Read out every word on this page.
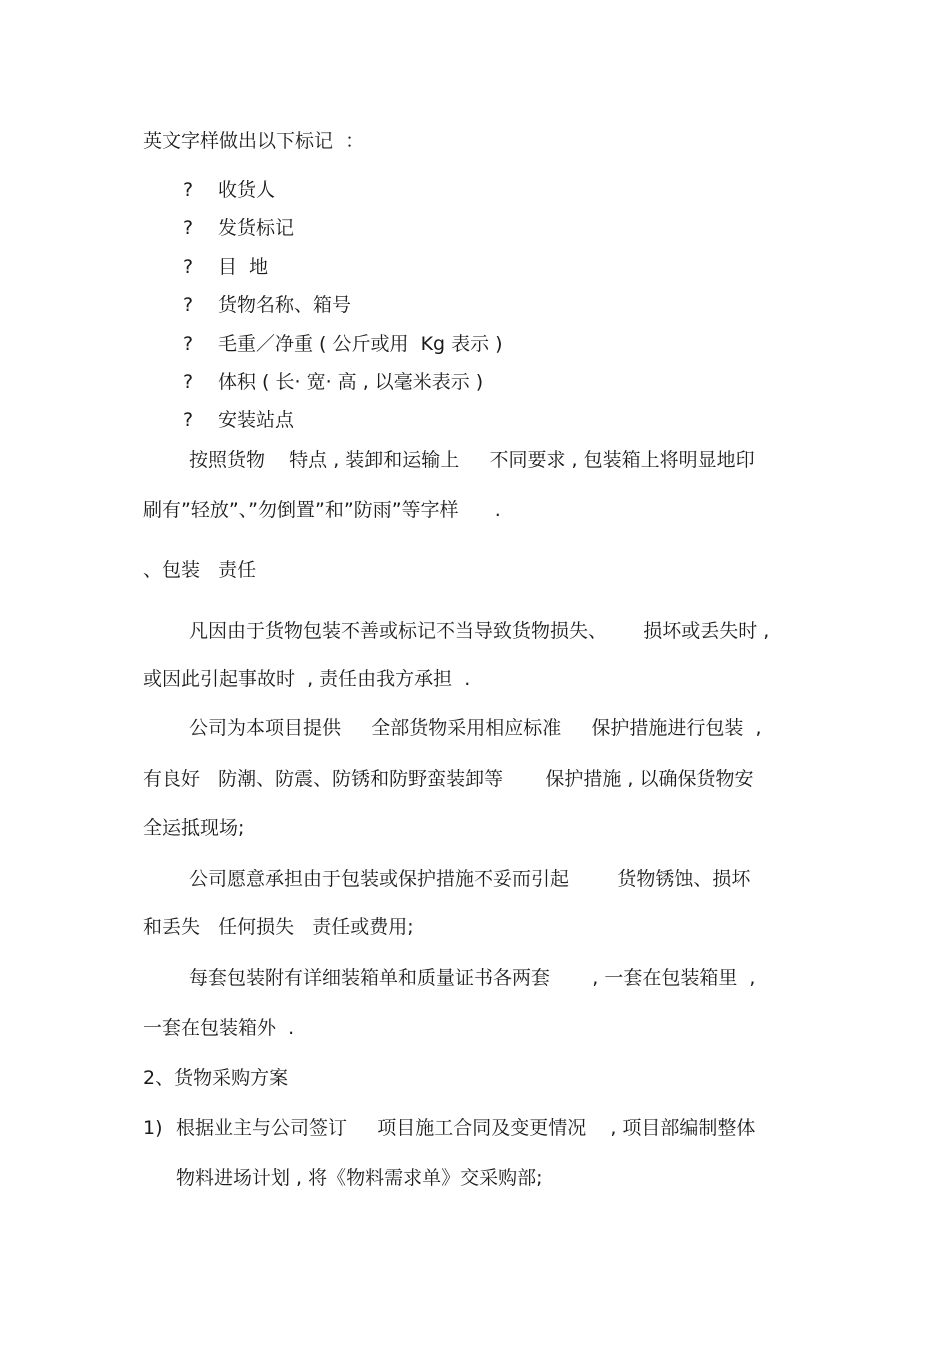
英文字样做出以下标记  ：
? 收货人
? 发货标记
? 目  地
? 货物名称、箱号
? 毛重／净重 ( 公斤或用  Kg 表示 )
? 体积 ( 长· 宽· 高 , 以毫米表示 )
? 安装站点
按照货物    特点 , 装卸和运输上     不同要求 , 包装箱上将明显地印
刷有”轻放”、”勿倒置”和”防雨”等字样      .
、包装   责任
凡因由于货物包装不善或标记不当导致货物损失、      损坏或丢失时 ,
或因此引起事故时  , 责任由我方承担  .
公司为本项目提供     全部货物采用相应标准     保护措施进行包装  ,
有良好   防潮、防震、防锈和防野蛮装卸等       保护措施 , 以确保货物安
全运抵现场;
公司愿意承担由于包装或保护措施不妥而引起        货物锈蚀、损坏
和丢失   任何损失   责任或费用;
每套包装附有详细装箱单和质量证书各两套       , 一套在包装箱里  ,
一套在包装箱外  .
2、货物采购方案
1) 根据业主与公司签订     项目施工合同及变更情况    , 项目部编制整体
物料进场计划 , 将《物料需求单》交采购部;
